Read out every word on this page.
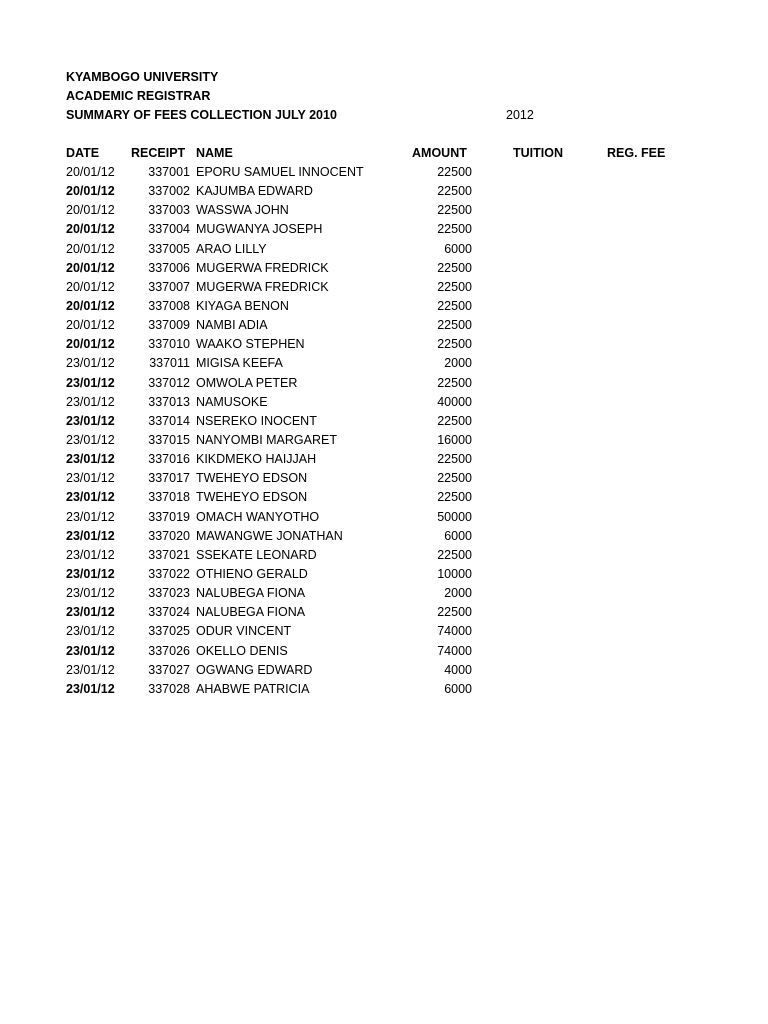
KYAMBOGO UNIVERSITY
ACADEMIC REGISTRAR
SUMMARY OF FEES COLLECTION JULY 2010	2012
DATE	RECEIPT NAME	AMOUNT	TUITION	REG. FEE
20/01/12	337001 EPORU SAMUEL INNOCENT	22500
20/01/12	337002 KAJUMBA EDWARD	22500
20/01/12	337003 WASSWA JOHN	22500
20/01/12	337004 MUGWANYA JOSEPH	22500
20/01/12	337005 ARAO LILLY	6000
20/01/12	337006 MUGERWA FREDRICK	22500
20/01/12	337007 MUGERWA FREDRICK	22500
20/01/12	337008 KIYAGA BENON	22500
20/01/12	337009 NAMBI ADIA	22500
20/01/12	337010 WAAKO STEPHEN	22500
23/01/12	337011 MIGISA KEEFA	2000
23/01/12	337012 OMWOLA PETER	22500
23/01/12	337013 NAMUSOKE	40000
23/01/12	337014 NSEREKO INOCENT	22500
23/01/12	337015 NANYOMBI MARGARET	16000
23/01/12	337016 KIKDMEKO HAIJJAH	22500
23/01/12	337017 TWEHEYO EDSON	22500
23/01/12	337018 TWEHEYO EDSON	22500
23/01/12	337019 OMACH WANYOTHO	50000
23/01/12	337020 MAWANGWE JONATHAN	6000
23/01/12	337021 SSEKATE LEONARD	22500
23/01/12	337022 OTHIENO GERALD	10000
23/01/12	337023 NALUBEGA FIONA	2000
23/01/12	337024 NALUBEGA FIONA	22500
23/01/12	337025 ODUR VINCENT	74000
23/01/12	337026 OKELLO DENIS	74000
23/01/12	337027 OGWANG EDWARD	4000
23/01/12	337028 AHABWE PATRICIA	6000
